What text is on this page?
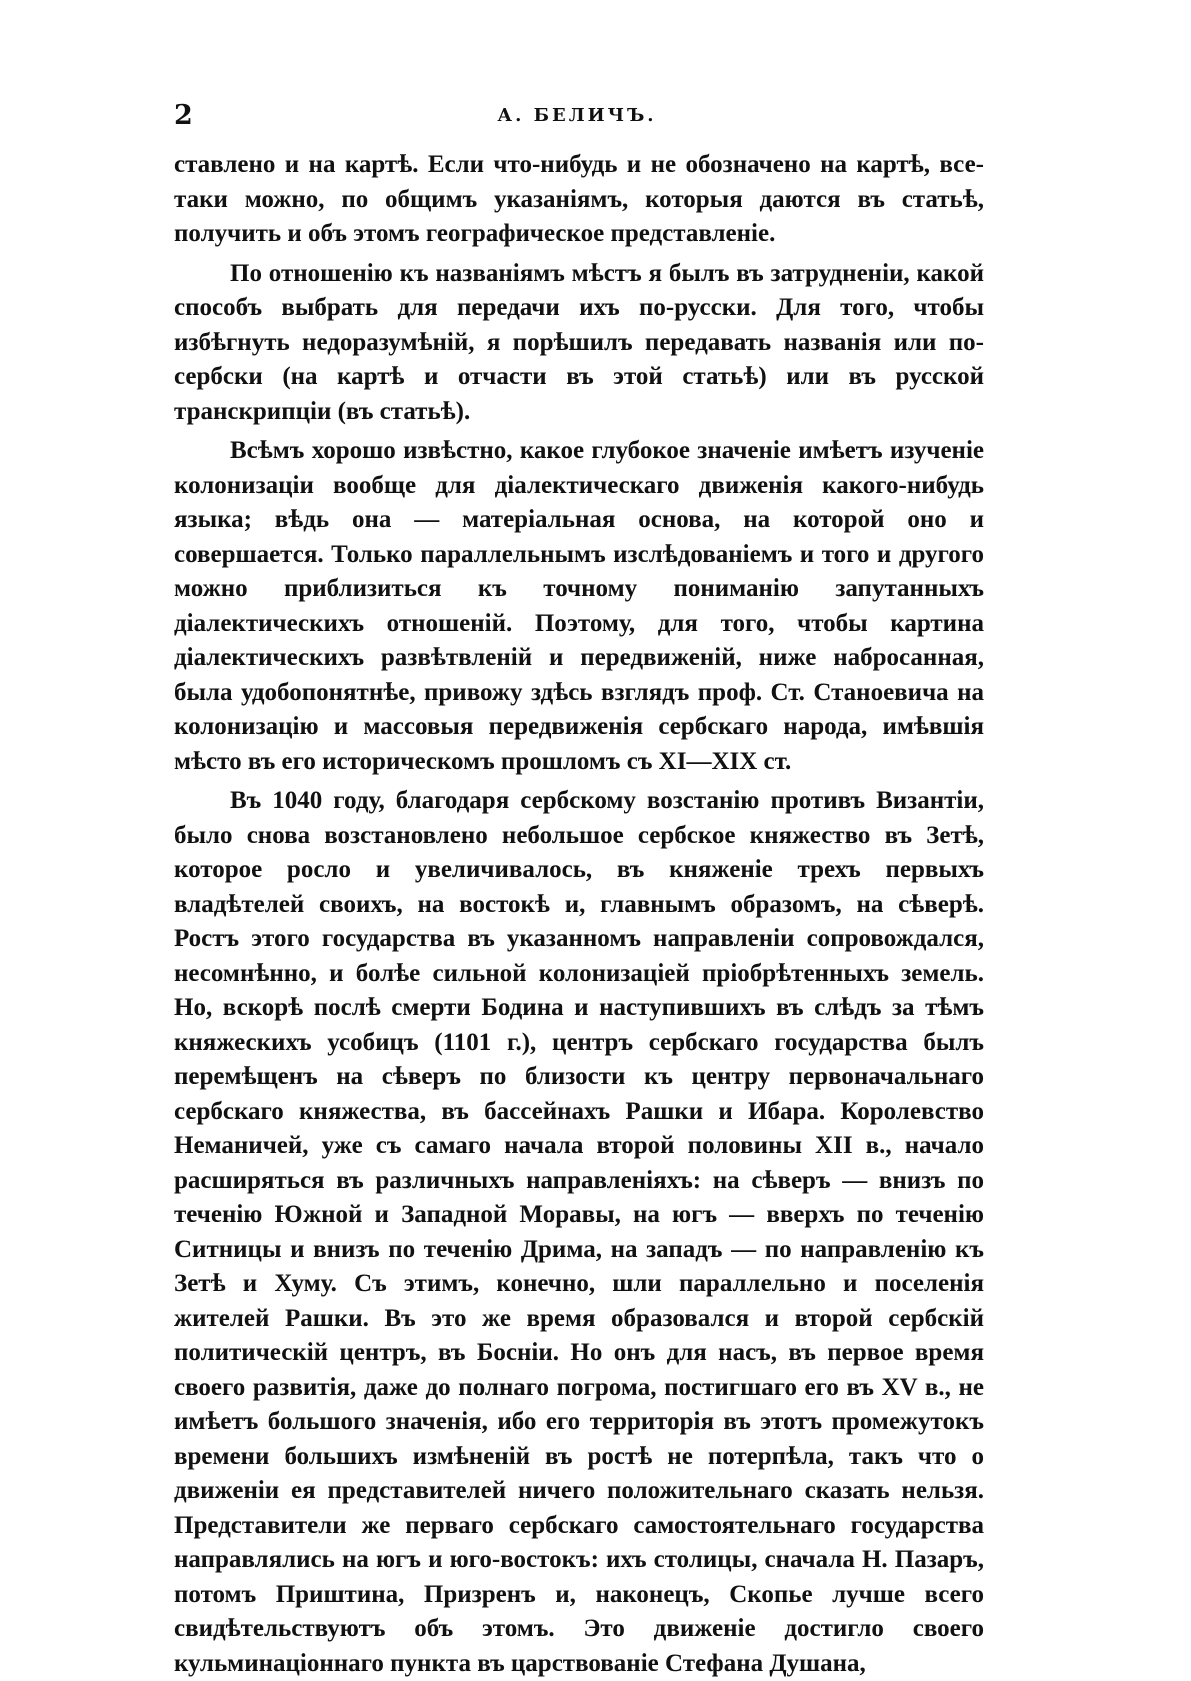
2	А. БЕЛИЧЪ.

ставлено и на картѣ. Если что-нибудь и не обозначено на картѣ, все-таки можно, по общимъ указаніямъ, которыя даются въ статьѣ, получить и объ этомъ географическое представленіе.

По отношенію къ названіямъ мѣстъ я былъ въ затрудненіи, какой способъ выбрать для передачи ихъ по-русски. Для того, чтобы избѣгнуть недоразумѣній, я порѣшилъ передавать названія или по-сербски (на картѣ и отчасти въ этой статьѣ) или въ русской транскрипціи (въ статьѣ).

Всѣмъ хорошо извѣстно, какое глубокое значеніе имѣетъ изученіе колонизаціи вообще для діалектическаго движенія какого-нибудь языка; вѣдь она — матеріальная основа, на которой оно и совершается. Только параллельнымъ изслѣдованіемъ и того и другого можно приблизиться къ точному пониманію запутанныхъ діалектическихъ отношеній. Поэтому, для того, чтобы картина діалектическихъ развѣтвленій и передвиженій, ниже набросанная, была удобопонятнѣе, привожу здѣсь взглядъ проф. Ст. Станоевича на колонизацію и массовыя передвиженія сербскаго народа, имѣвшія мѣсто въ его историческомъ прошломъ съ XI—XIX ст.

Въ 1040 году, благодаря сербскому возстанію противъ Византіи, было снова возстановлено небольшое сербское княжество въ Зетѣ, которое росло и увеличивалось, въ княженіе трехъ первыхъ владѣтелей своихъ, на востокѣ и, главнымъ образомъ, на сѣверѣ. Ростъ этого государства въ указанномъ направленіи сопровождался, несомнѣнно, и болѣе сильной колонизаціей пріобрѣтенныхъ земель. Но, вскорѣ послѣ смерти Бодина и наступившихъ въ слѣдъ за тѣмъ княжескихъ усобицъ (1101 г.), центръ сербскаго государства былъ перемѣщенъ на сѣверъ по близости къ центру первоначальнаго сербскаго княжества, въ бассейнахъ Рашки и Ибара. Королевство Неманичей, уже съ самаго начала второй половины XII в., начало расширяться въ различныхъ направленіяхъ: на сѣверъ — внизъ по теченію Южной и Западной Моравы, на югъ — вверхъ по теченію Ситницы и внизъ по теченію Дрима, на западъ — по направленію къ Зетѣ и Хуму. Съ этимъ, конечно, шли параллельно и поселенія жителей Рашки. Въ это же время образовался и второй сербскій политическій центръ, въ Босніи. Но онъ для насъ, въ первое время своего развитія, даже до полнаго погрома, постигшаго его въ XV в., не имѣетъ большого значенія, ибо его территорія въ этотъ промежутокъ времени большихъ измѣненій въ ростѣ не потерпѣла, такъ что о движеніи ея представителей ничего положительнаго сказать нельзя. Представители же перваго сербскаго самостоятельнаго государства направлялись на югъ и юго-востокъ: ихъ столицы, сначала Н. Пазаръ, потомъ Приштина, Призренъ и, наконецъ, Скопье лучше всего свидѣтельствуютъ объ этомъ. Это движеніе достигло своего кульминаціоннаго пункта въ царствованіе Стефана Душана,
